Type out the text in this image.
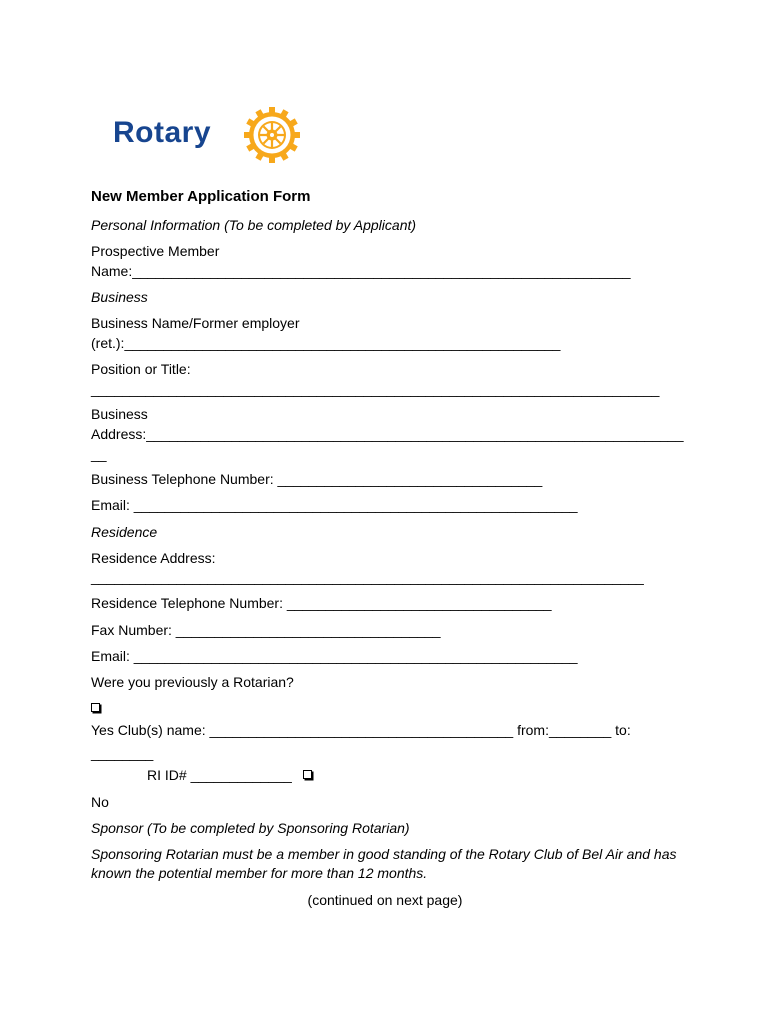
Rotary
New Member Application Form
Personal Information (To be completed by Applicant)
Prospective Member
Name:________________________________________________________________
Business
Business Name/Former employer
(ret.):________________________________________________________
Position or Title:
_________________________________________________________________________
Business
Address:_____________________________________________________________________
__
Business Telephone Number: __________________________________
Email: _________________________________________________________
Residence
Residence Address:
_______________________________________________________________________
Residence Telephone Number: __________________________________
Fax Number: __________________________________
Email: _________________________________________________________
Were you previously a Rotarian?
Yes Club(s) name: _______________________________________ from:________ to:
________
RI ID# _____________
No
Sponsor (To be completed by Sponsoring Rotarian)
Sponsoring Rotarian must be a member in good standing of the Rotary Club of Bel Air and has
known the potential member for more than 12 months.
(continued on next page)
